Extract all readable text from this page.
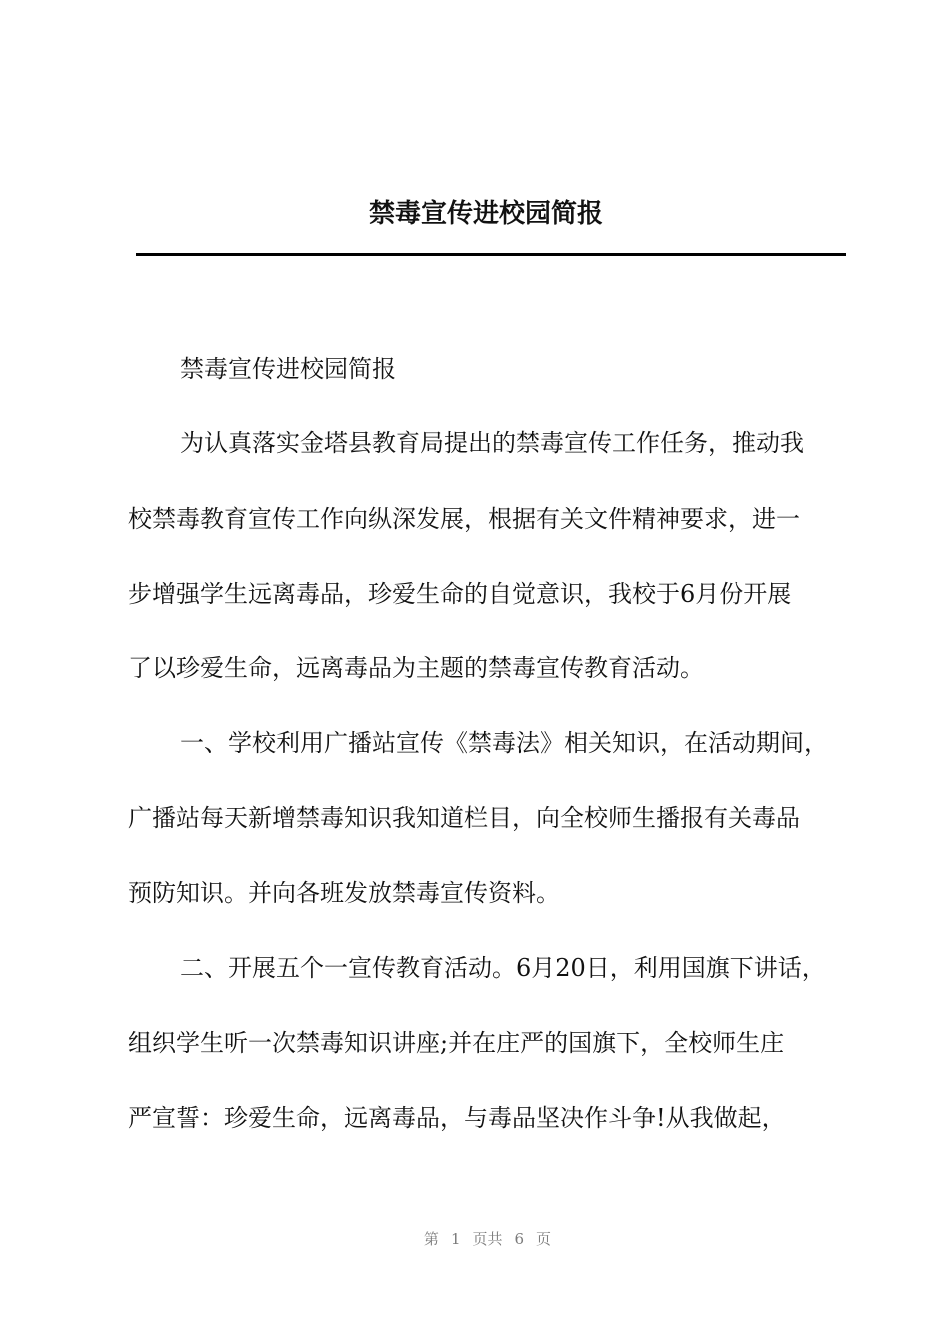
禁毒宣传进校园简报
禁毒宣传进校园简报
为认真落实金塔县教育局提出的禁毒宣传工作任务，推动我
校禁毒教育宣传工作向纵深发展，根据有关文件精神要求，进一
步增强学生远离毒品，珍爱生命的自觉意识，我校于6月份开展
了以珍爱生命，远离毒品为主题的禁毒宣传教育活动。
一、学校利用广播站宣传《禁毒法》相关知识，在活动期间，
广播站每天新增禁毒知识我知道栏目，向全校师生播报有关毒品
预防知识。并向各班发放禁毒宣传资料。
二、开展五个一宣传教育活动。6月20日，利用国旗下讲话，
组织学生听一次禁毒知识讲座;并在庄严的国旗下，全校师生庄
严宣誓：珍爱生命，远离毒品，与毒品坚决作斗争!从我做起，
第 1 页共 6 页
